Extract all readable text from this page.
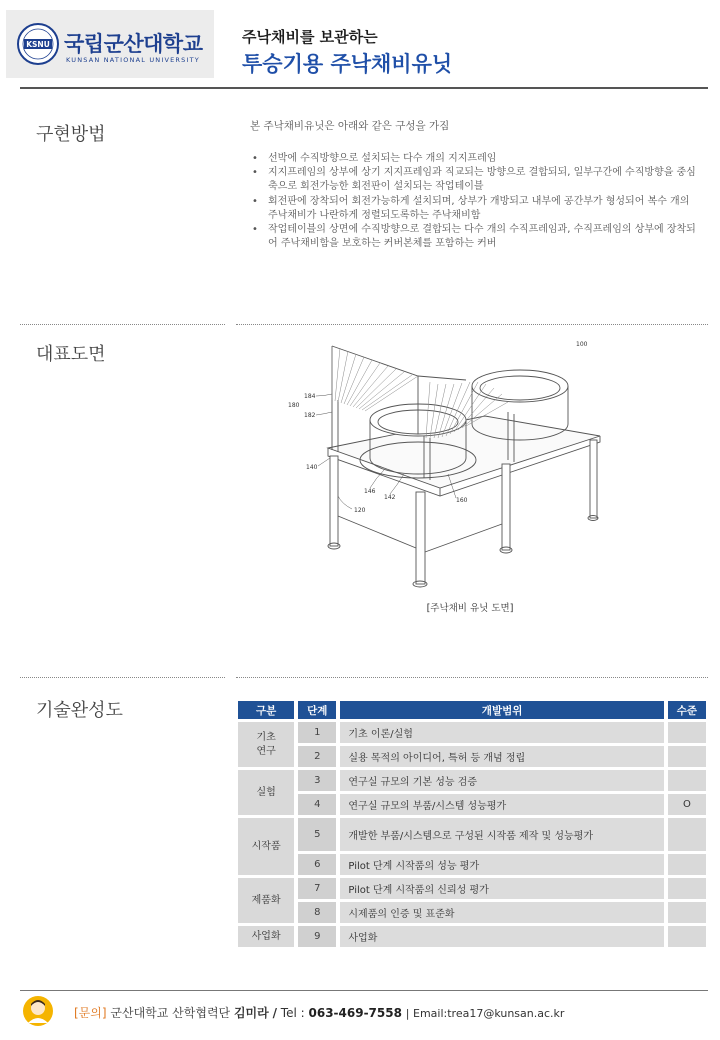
KSNU 국립군산대학교
KUNSAN NATIONAL UNIVERSITY
주낙채비를 보관하는
투승기용 주낙채비유닛
구현방법	본 주낙채비유닛은 아래와 같은 구성을 가짐
• 선박에 수직방향으로 설치되는 다수 개의 지지프레임
• 지지프레임의 상부에 상기 지지프레임과 직교되는 방향으로 결합되되, 일부구간에 수직방향을 중심축으로 회전가능한 회전판이 설치되는 작업테이블
• 회전판에 장착되어 회전가능하게 설치되며, 상부가 개방되고 내부에 공간부가 형성되어 복수 개의 주낙채비가 나란하게 정렬되도록하는 주낙채비함
• 작업테이블의 상면에 수직방향으로 결합되는 다수 개의 수직프레임과, 수직프레임의 상부에 장착되어 주낙채비함을 보호하는 커버본체를 포함하는 커버
대표도면	100
184
180
182
140
146
142	160
120
[주낙채비 유닛 도면]
기술완성도	구분	단계	개발범위	수준
기초
연구	1	기초 이론/실험	
	2	실용 목적의 아이디어, 특허 등 개념 정립	
실험	3	연구실 규모의 기본 성능 검증	
	4	연구실 규모의 부품/시스템 성능평가	O
시작품	5	개발한 부품/시스템으로 구성된 시작품 제작 및 성능평가	
	6	Pilot 단계 시작품의 성능 평가	
제품화	7	Pilot 단계 시작품의 신뢰성 평가	
	8	시제품의 인증 및 표준화	
사업화	9	사업화	
[문의] 군산대학교 산학협력단 김미라 / Tel : 063-469-7558 | Email:trea17@kunsan.ac.kr
